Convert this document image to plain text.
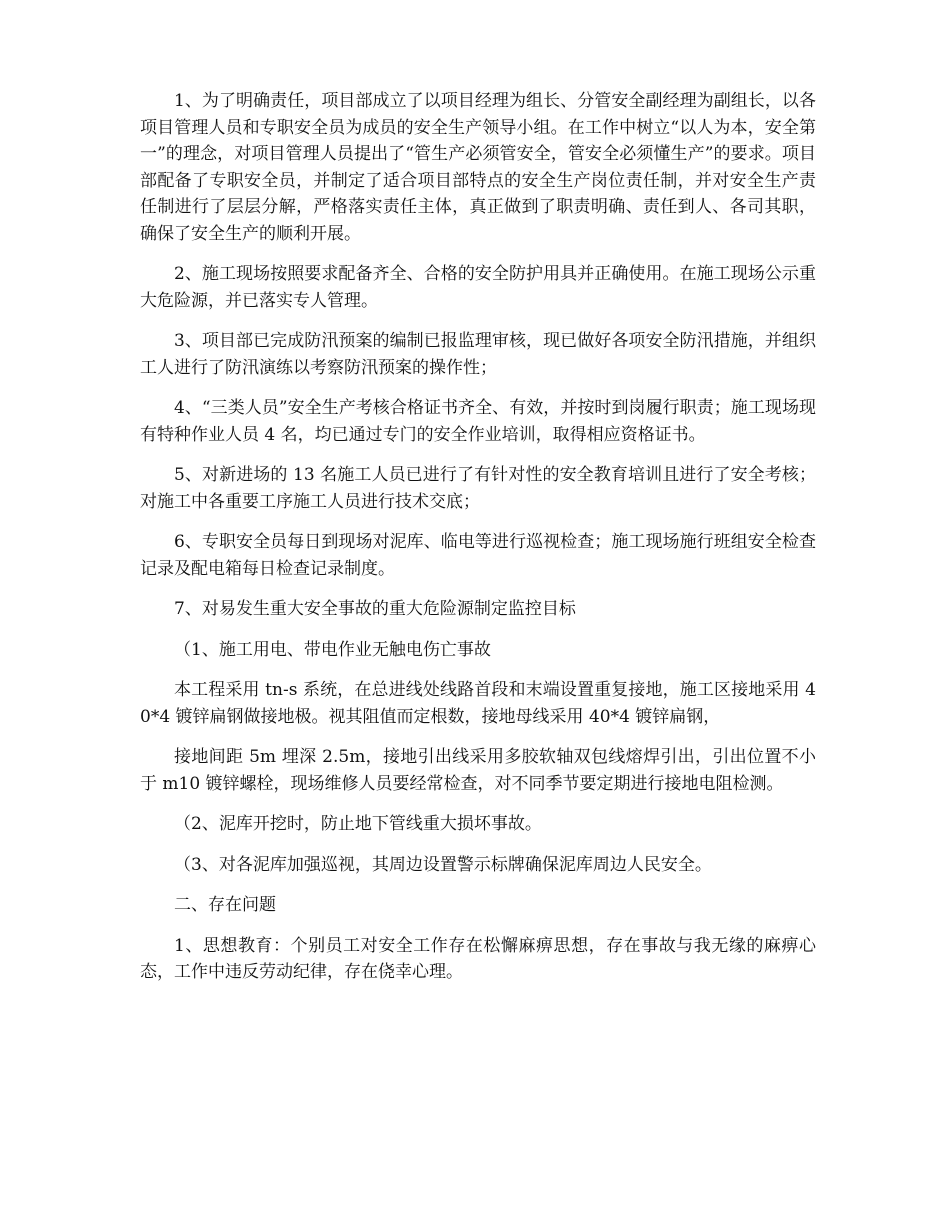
1、为了明确责任，项目部成立了以项目经理为组长、分管安全副经理为副组长，以各项目管理人员和专职安全员为成员的安全生产领导小组。在工作中树立“以人为本，安全第一”的理念，对项目管理人员提出了“管生产必须管安全，管安全必须懂生产”的要求。项目部配备了专职安全员，并制定了适合项目部特点的安全生产岗位责任制，并对安全生产责任制进行了层层分解，严格落实责任主体，真正做到了职责明确、责任到人、各司其职，确保了安全生产的顺利开展。

2、施工现场按照要求配备齐全、合格的安全防护用具并正确使用。在施工现场公示重大危险源，并已落实专人管理。

3、项目部已完成防汛预案的编制已报监理审核，现已做好各项安全防汛措施，并组织工人进行了防汛演练以考察防汛预案的操作性；

4、“三类人员”安全生产考核合格证书齐全、有效，并按时到岗履行职责；施工现场现有特种作业人员 4 名，均已通过专门的安全作业培训，取得相应资格证书。

5、对新进场的 13 名施工人员已进行了有针对性的安全教育培训且进行了安全考核；对施工中各重要工序施工人员进行技术交底；

6、专职安全员每日到现场对泥库、临电等进行巡视检查；施工现场施行班组安全检查记录及配电箱每日检查记录制度。

7、对易发生重大安全事故的重大危险源制定监控目标

（1、施工用电、带电作业无触电伤亡事故

本工程采用 tn-s 系统，在总进线处线路首段和末端设置重复接地，施工区接地采用 40*4 镀锌扁钢做接地极。视其阻值而定根数，接地母线采用 40*4 镀锌扁钢，

接地间距 5m 埋深 2.5m，接地引出线采用多胶软轴双包线熔焊引出，引出位置不小于 m10 镀锌螺栓，现场维修人员要经常检查，对不同季节要定期进行接地电阻检测。

（2、泥库开挖时，防止地下管线重大损坏事故。

（3、对各泥库加强巡视，其周边设置警示标牌确保泥库周边人民安全。

二、存在问题

1、思想教育：个别员工对安全工作存在松懈麻痹思想，存在事故与我无缘的麻痹心态，工作中违反劳动纪律，存在侥幸心理。
